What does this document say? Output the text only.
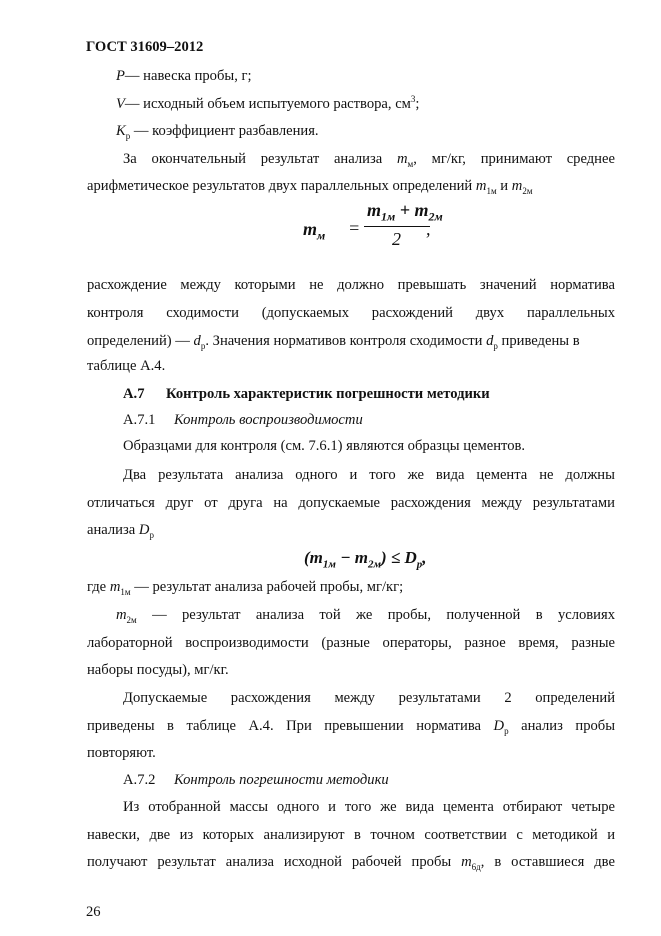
ГОСТ 31609–2012
P— навеска пробы, г;
V— исходный объем испытуемого раствора, $см^3$;
$K_р$ — коэффициент разбавления.
За окончательный результат анализа $m_м$, мг/кг, принимают среднее
арифметическое результатов двух параллельных определений $m_{1м}$ и $m_{2м}$
$m_м$ =
$m_{1м} + m_{2м}$
2 ,
расхождение между которыми не должно превышать значений норматива
контроля сходимости (допускаемых расхождений двух параллельных
определений) — $d_р$. Значения нормативов контроля сходимости $d_р$ приведены в
таблице А.4.
А.7 Контроль характеристик погрешности методики
А.7.1 Контроль воспроизводимости
Образцами для контроля (см. 7.6.1) являются образцы цементов.
Два результата анализа одного и того же вида цемента не должны
отличаться друг от друга на допускаемые расхождения между результатами
анализа $D_р$
$(m_{1м} - m_{2м}) \le D_р$,
где $m_{1м}$ — результат анализа рабочей пробы, мг/кг;
$m_{2м}$ — результат анализа той же пробы, полученной в условиях
лабораторной воспроизводимости (разные операторы, разное время, разные
наборы посуды), мг/кг.
Допускаемые расхождения между результатами 2 определений
приведены в таблице А.4. При превышении норматива $D_р$ анализ пробы
повторяют.
А.7.2 Контроль погрешности методики
Из отобранной массы одного и того же вида цемента отбирают четыре
навески, две из которых анализируют в точном соответствии с методикой и
получают результат анализа исходной рабочей пробы $m_{6д}$, в оставшиеся две
26
